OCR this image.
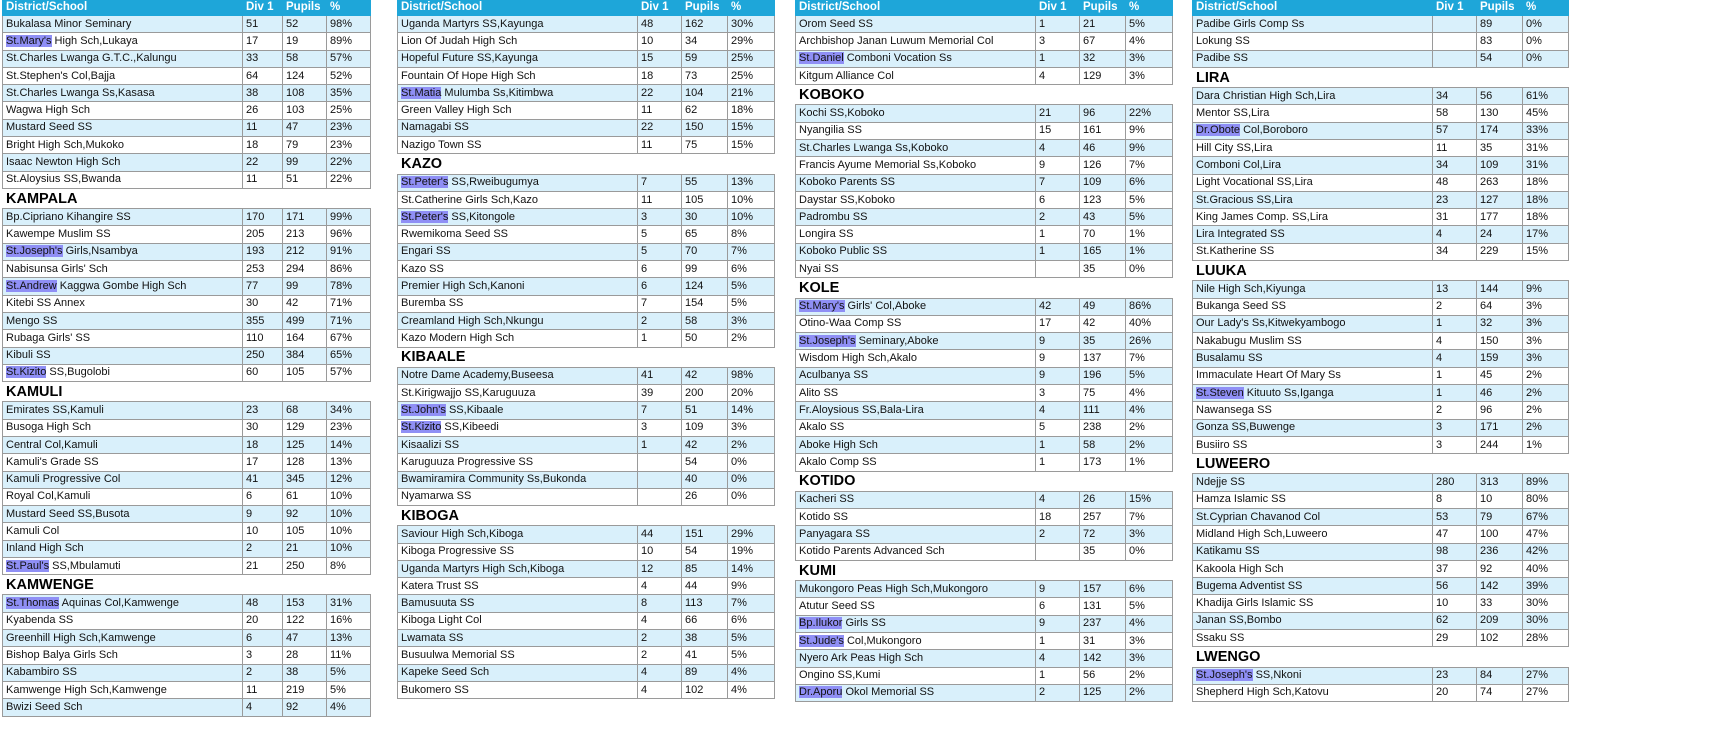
District/School	Div 1	Pupils	%
Bukalasa Minor Seminary	51	52	98%
St.Mary's High Sch,Lukaya	17	19	89%
St.Charles Lwanga G.T.C.,Kalungu	33	58	57%
St.Stephen's Col,Bajja	64	124	52%
St.Charles Lwanga Ss,Kasasa	38	108	35%
Wagwa High Sch	26	103	25%
Mustard Seed SS	11	47	23%
Bright High Sch,Mukoko	18	79	23%
Isaac Newton High Sch	22	99	22%
St.Aloysius SS,Bwanda	11	51	22%
KAMPALA			
Bp.Cipriano Kihangire SS	170	171	99%
Kawempe Muslim SS	205	213	96%
St.Joseph's Girls,Nsambya	193	212	91%
Nabisunsa Girls' Sch	253	294	86%
St.Andrew Kaggwa Gombe High Sch	77	99	78%
Kitebi SS Annex	30	42	71%
Mengo SS	355	499	71%
Rubaga Girls' SS	110	164	67%
Kibuli SS	250	384	65%
St.Kizito SS,Bugolobi	60	105	57%
KAMULI			
Emirates SS,Kamuli	23	68	34%
Busoga High Sch	30	129	23%
Central Col,Kamuli	18	125	14%
Kamuli's Grade SS	17	128	13%
Kamuli Progressive Col	41	345	12%
Royal Col,Kamuli	6	61	10%
Mustard Seed SS,Busota	9	92	10%
Kamuli Col	10	105	10%
Inland High Sch	2	21	10%
St.Paul's SS,Mbulamuti	21	250	8%
KAMWENGE			
St.Thomas Aquinas Col,Kamwenge	48	153	31%
Kyabenda SS	20	122	16%
Greenhill High Sch,Kamwenge	6	47	13%
Bishop Balya Girls Sch	3	28	11%
Kabambiro SS	2	38	5%
Kamwenge High Sch,Kamwenge	11	219	5%
Bwizi Seed Sch	4	92	4%
District/School	Div 1	Pupils	%
Uganda Martyrs SS,Kayunga	48	162	30%
Lion Of Judah High Sch	10	34	29%
Hopeful Future SS,Kayunga	15	59	25%
Fountain Of Hope High Sch	18	73	25%
St.Matia Mulumba Ss,Kitimbwa	22	104	21%
Green Valley High Sch	11	62	18%
Namagabi SS	22	150	15%
Nazigo Town SS	11	75	15%
KAZO			
St.Peter's SS,Rweibugumya	7	55	13%
St.Catherine Girls Sch,Kazo	11	105	10%
St.Peter's SS,Kitongole	3	30	10%
Rwemikoma Seed SS	5	65	8%
Engari SS	5	70	7%
Kazo SS	6	99	6%
Premier High Sch,Kanoni	6	124	5%
Buremba SS	7	154	5%
Creamland High Sch,Nkungu	2	58	3%
Kazo Modern High Sch	1	50	2%
KIBAALE			
Notre Dame Academy,Buseesa	41	42	98%
St.Kirigwajjo SS,Karuguuza	39	200	20%
St.John's SS,Kibaale	7	51	14%
St.Kizito SS,Kibeedi	3	109	3%
Kisaalizi SS	1	42	2%
Karuguuza Progressive SS		54	0%
Bwamiramira Community Ss,Bukonda		40	0%
Nyamarwa SS		26	0%
KIBOGA			
Saviour High Sch,Kiboga	44	151	29%
Kiboga Progressive SS	10	54	19%
Uganda Martyrs High Sch,Kiboga	12	85	14%
Katera Trust SS	4	44	9%
Bamusuuta SS	8	113	7%
Kiboga Light Col	4	66	6%
Lwamata SS	2	38	5%
Busuulwa Memorial SS	2	41	5%
Kapeke Seed Sch	4	89	4%
Bukomero SS	4	102	4%
District/School	Div 1	Pupils	%
Orom Seed SS	1	21	5%
Archbishop Janan Luwum Memorial Col	3	67	4%
St.Daniel Comboni Vocation Ss	1	32	3%
Kitgum Alliance Col	4	129	3%
KOBOKO			
Kochi SS,Koboko	21	96	22%
Nyangilia SS	15	161	9%
St.Charles Lwanga Ss,Koboko	4	46	9%
Francis Ayume Memorial Ss,Koboko	9	126	7%
Koboko Parents SS	7	109	6%
Daystar SS,Koboko	6	123	5%
Padrombu SS	2	43	5%
Longira SS	1	70	1%
Koboko Public SS	1	165	1%
Nyai SS		35	0%
KOLE			
St.Mary's Girls' Col,Aboke	42	49	86%
Otino-Waa Comp SS	17	42	40%
St.Joseph's Seminary,Aboke	9	35	26%
Wisdom High Sch,Akalo	9	137	7%
Aculbanya SS	9	196	5%
Alito SS	3	75	4%
Fr.Aloysious SS,Bala-Lira	4	111	4%
Akalo SS	5	238	2%
Aboke High Sch	1	58	2%
Akalo Comp SS	1	173	1%
KOTIDO			
Kacheri SS	4	26	15%
Kotido SS	18	257	7%
Panyagara SS	2	72	3%
Kotido Parents Advanced Sch		35	0%
KUMI			
Mukongoro Peas High Sch,Mukongoro	9	157	6%
Atutur Seed SS	6	131	5%
Bp.Ilukor Girls SS	9	237	4%
St.Jude's Col,Mukongoro	1	31	3%
Nyero Ark Peas High Sch	4	142	3%
Ongino SS,Kumi	1	56	2%
Dr.Aporu Okol Memorial SS	2	125	2%
District/School	Div 1	Pupils	%
Padibe Girls Comp Ss		89	0%
Lokung SS		83	0%
Padibe SS		54	0%
LIRA			
Dara Christian High Sch,Lira	34	56	61%
Mentor SS,Lira	58	130	45%
Dr.Obote Col,Boroboro	57	174	33%
Hill City SS,Lira	11	35	31%
Comboni Col,Lira	34	109	31%
Light Vocational SS,Lira	48	263	18%
St.Gracious SS,Lira	23	127	18%
King James Comp. SS,Lira	31	177	18%
Lira Integrated SS	4	24	17%
St.Katherine SS	34	229	15%
LUUKA			
Nile High Sch,Kiyunga	13	144	9%
Bukanga Seed SS	2	64	3%
Our Lady's Ss,Kitwekyambogo	1	32	3%
Nakabugu Muslim SS	4	150	3%
Busalamu SS	4	159	3%
Immaculate Heart Of Mary Ss	1	45	2%
St.Steven Kituuto Ss,Iganga	1	46	2%
Nawansega SS	2	96	2%
Gonza SS,Buwenge	3	171	2%
Busiiro SS	3	244	1%
LUWEERO			
Ndejje SS	280	313	89%
Hamza Islamic SS	8	10	80%
St.Cyprian Chavanod Col	53	79	67%
Midland High Sch,Luweero	47	100	47%
Katikamu SS	98	236	42%
Kakoola High Sch	37	92	40%
Bugema Adventist SS	56	142	39%
Khadija Girls Islamic SS	10	33	30%
Janan SS,Bombo	62	209	30%
Ssaku SS	29	102	28%
LWENGO			
St.Joseph's SS,Nkoni	23	84	27%
Shepherd High Sch,Katovu	20	74	27%
